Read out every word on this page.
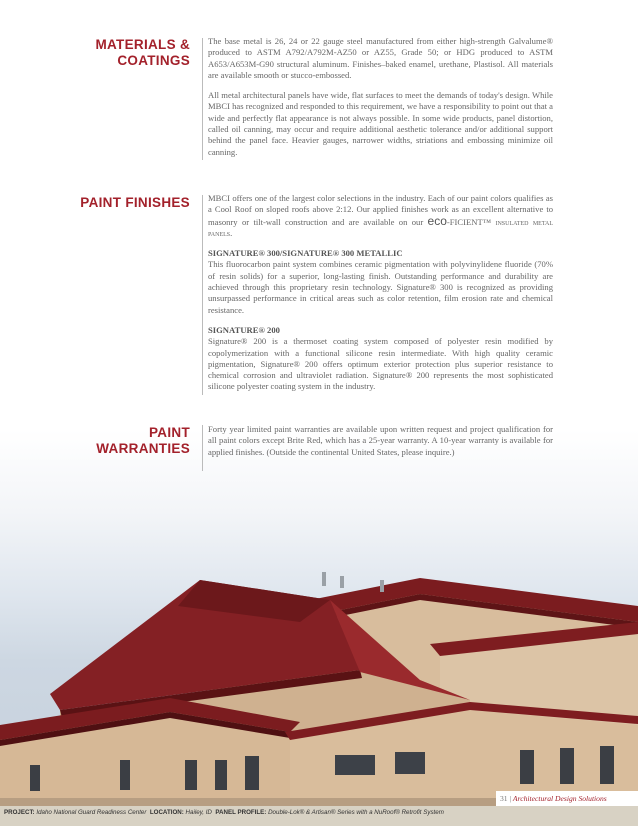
MATERIALS &
COATINGS

The base metal is 26, 24 or 22 gauge steel manufactured from either high-strength Galvalume® produced to ASTM A792/A792M-AZ50 or AZ55, Grade 50; or HDG produced to ASTM A653/A653M-G90 structural aluminum. Finishes–baked enamel, urethane, Plastisol. All materials are available smooth or stucco-embossed.

All metal architectural panels have wide, flat surfaces to meet the demands of today's design. While MBCI has recognized and responded to this requirement, we have a responsibility to point out that a wide and perfectly flat appearance is not always possible. In some wide products, panel distortion, called oil canning, may occur and require additional aesthetic tolerance and/or additional support behind the panel face. Heavier gauges, narrower widths, striations and embossing minimize oil canning.

PAINT FINISHES MBCI offers one of the largest color selections in the industry. Each of our paint colors qualifies as a Cool Roof on sloped roofs above 2:12. Our applied finishes work as an excellent alternative to masonry or tilt-wall construction and are available on our eco-FICIENT™ insulated metal panels.

SIGNATURE® 300/SIGNATURE® 300 METALLIC

This fluorocarbon paint system combines ceramic pigmentation with polyvinylidene fluoride (70% of resin solids) for a superior, long-lasting finish. Outstanding performance and durability are achieved through this proprietary resin technology. Signature® 300 is recognized as providing unsurpassed performance in critical areas such as color retention, film erosion rate and chemical resistance.

SIGNATURE® 200

Signature® 200 is a thermoset coating system composed of polyester resin modified by copolymerization with a functional silicone resin intermediate. With high quality ceramic pigmentation, Signature® 200 offers optimum exterior protection plus superior resistance to chemical corrosion and ultraviolet radiation. Signature® 200 represents the most sophisticated silicone polyester coating system in the industry.

PAINT
WARRANTIES

Forty year limited paint warranties are available upon written request and project qualification for all paint colors except Brite Red, which has a 25-year warranty. A 10-year warranty is available for applied finishes. (Outside the continental United States, please inquire.)

31 | Architectural Design Solutions
PROJECT: Idaho National Guard Readiness Center LOCATION: Hailey, ID PANEL PROFILE: Double-Lok® & Artisan® Series with a NuRoof® Retrofit System
